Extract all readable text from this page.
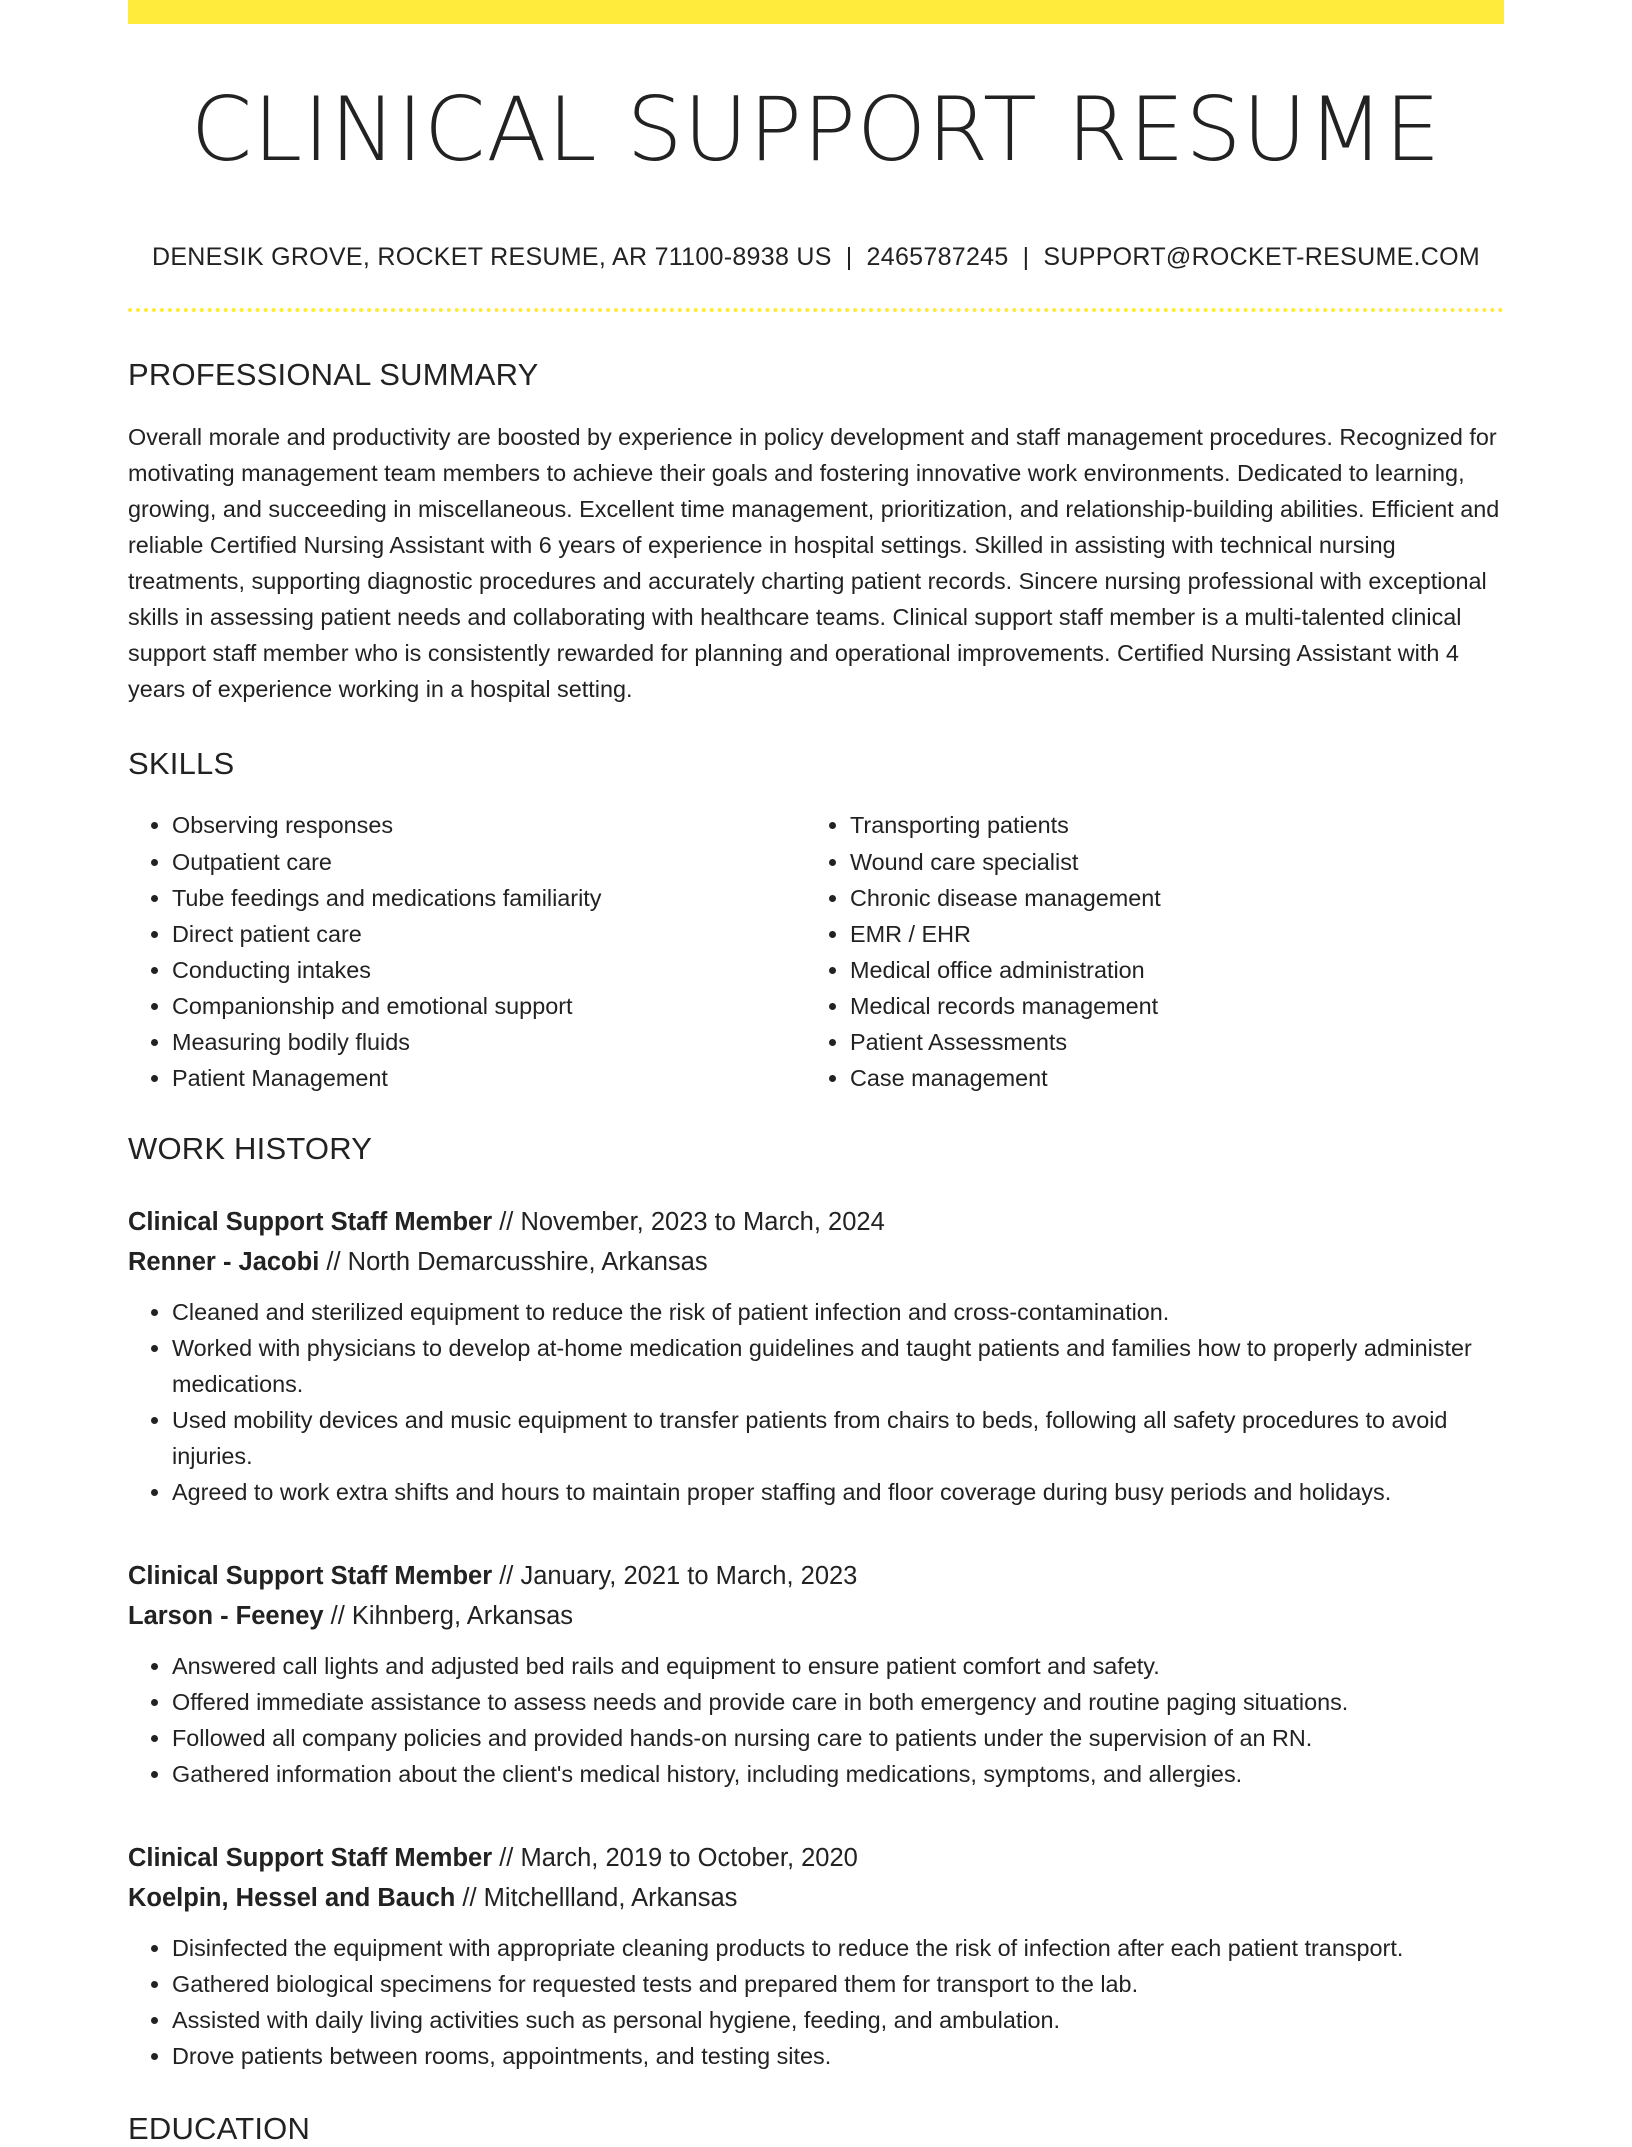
CLINICAL SUPPORT RESUME
DENESIK GROVE, ROCKET RESUME, AR 71100-8938 US | 2465787245 | SUPPORT@ROCKET-RESUME.COM
PROFESSIONAL SUMMARY

Overall morale and productivity are boosted by experience in policy development and staff management procedures. Recognized for motivating management team members to achieve their goals and fostering innovative work environments. Dedicated to learning, growing, and succeeding in miscellaneous. Excellent time management, prioritization, and relationship-building abilities. Efficient and reliable Certified Nursing Assistant with 6 years of experience in hospital settings. Skilled in assisting with technical nursing treatments, supporting diagnostic procedures and accurately charting patient records. Sincere nursing professional with exceptional skills in assessing patient needs and collaborating with healthcare teams. Clinical support staff member is a multi-talented clinical support staff member who is consistently rewarded for planning and operational improvements. Certified Nursing Assistant with 4 years of experience working in a hospital setting.

SKILLS
• Observing responses
• Outpatient care
• Tube feedings and medications familiarity
• Direct patient care
• Conducting intakes
• Companionship and emotional support
• Measuring bodily fluids
• Patient Management
• Transporting patients
• Wound care specialist
• Chronic disease management
• EMR / EHR
• Medical office administration
• Medical records management
• Patient Assessments
• Case management
WORK HISTORY
Clinical Support Staff Member // November, 2023 to March, 2024
Renner - Jacobi // North Demarcusshire, Arkansas
• Cleaned and sterilized equipment to reduce the risk of patient infection and cross-contamination.
• Worked with physicians to develop at-home medication guidelines and taught patients and families how to properly administer medications.
• Used mobility devices and music equipment to transfer patients from chairs to beds, following all safety procedures to avoid injuries.
• Agreed to work extra shifts and hours to maintain proper staffing and floor coverage during busy periods and holidays.
Clinical Support Staff Member // January, 2021 to March, 2023
Larson - Feeney // Kihnberg, Arkansas
• Answered call lights and adjusted bed rails and equipment to ensure patient comfort and safety.
• Offered immediate assistance to assess needs and provide care in both emergency and routine paging situations.
• Followed all company policies and provided hands-on nursing care to patients under the supervision of an RN.
• Gathered information about the client's medical history, including medications, symptoms, and allergies.
Clinical Support Staff Member // March, 2019 to October, 2020
Koelpin, Hessel and Bauch // Mitchellland, Arkansas
• Disinfected the equipment with appropriate cleaning products to reduce the risk of infection after each patient transport.
• Gathered biological specimens for requested tests and prepared them for transport to the lab.
• Assisted with daily living activities such as personal hygiene, feeding, and ambulation.
• Drove patients between rooms, appointments, and testing sites.
EDUCATION
